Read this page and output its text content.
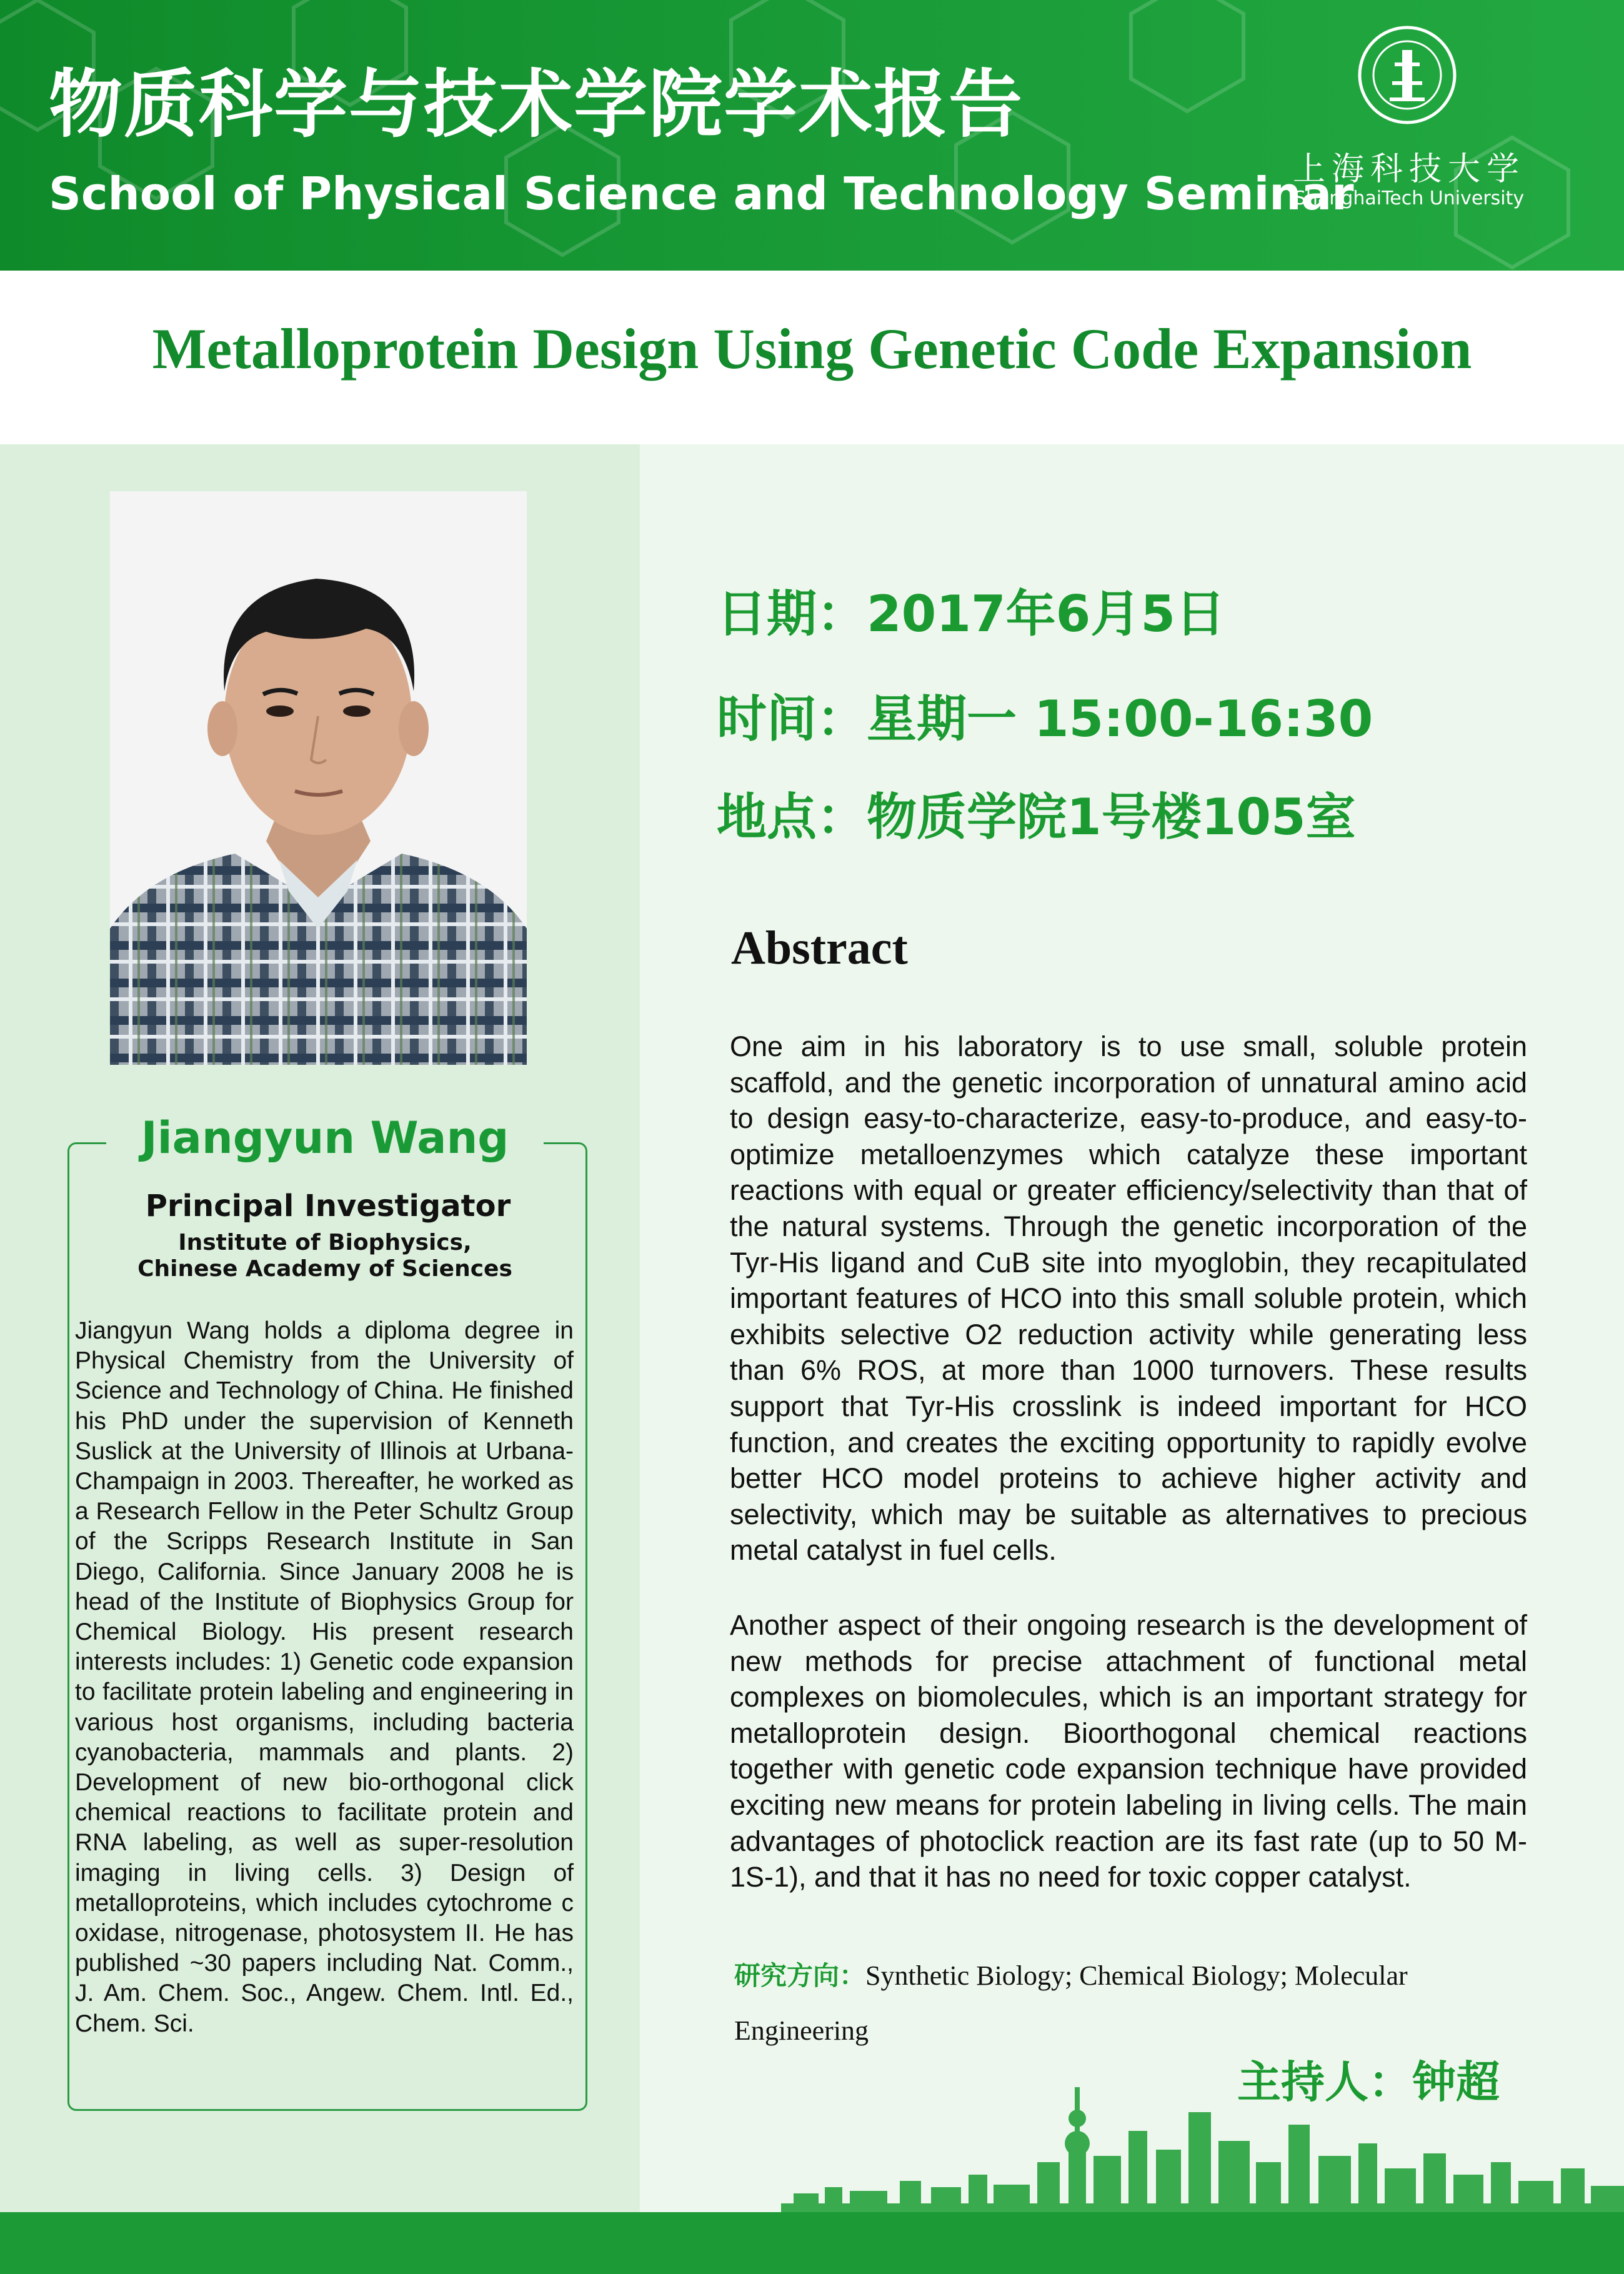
物质科学与技术学院学术报告
School of Physical Science and Technology Seminar
上海科技大学
ShanghaiTech University
Metalloprotein Design Using Genetic Code Expansion
Jiangyun Wang
Principal Investigator
Institute of Biophysics,
Chinese Academy of Sciences
Jiangyun Wang holds a diploma degree in Physical Chemistry from the University of Science and Technology of China. He finished his PhD under the supervision of Kenneth Suslick at the University of Illinois at Urbana-Champaign in 2003. Thereafter, he worked as a Research Fellow in the Peter Schultz Group of the Scripps Research Institute in San Diego, California. Since January 2008 he is head of the Institute of Biophysics Group for Chemical Biology. His present research interests includes: 1) Genetic code expansion to facilitate protein labeling and engineering in various host organisms, including bacteria cyanobacteria, mammals and plants. 2) Development of new bio-orthogonal click chemical reactions to facilitate protein and RNA labeling, as well as super-resolution imaging in living cells. 3) Design of metalloproteins, which includes cytochrome c oxidase, nitrogenase, photosystem II. He has published ~30 papers including Nat. Comm., J. Am. Chem. Soc., Angew. Chem. Intl. Ed., Chem. Sci.
日期：2017年6月5日
时间：星期一 15:00-16:30
地点：物质学院1号楼105室
Abstract

One aim in his laboratory is to use small, soluble protein scaffold, and the genetic incorporation of unnatural amino acid to design easy-to-characterize, easy-to-produce, and easy-to-optimize metalloenzymes which catalyze these important reactions with equal or greater efficiency/selectivity than that of the natural systems. Through the genetic incorporation of the Tyr-His ligand and CuB site into myoglobin, they recapitulated important features of HCO into this small soluble protein, which exhibits selective O2 reduction activity while generating less than 6% ROS, at more than 1000 turnovers. These results support that Tyr-His crosslink is indeed important for HCO function, and creates the exciting opportunity to rapidly evolve better HCO model proteins to achieve higher activity and selectivity, which may be suitable as alternatives to precious metal catalyst in fuel cells.

Another aspect of their ongoing research is the development of new methods for precise attachment of functional metal complexes on biomolecules, which is an important strategy for metalloprotein design. Bioorthogonal chemical reactions together with genetic code expansion technique have provided exciting new means for protein labeling in living cells. The main advantages of photoclick reaction are its fast rate (up to 50 M-1S-1), and that it has no need for toxic copper catalyst.

研究方向：Synthetic Biology; Chemical Biology; Molecular Engineering
主持人：钟超
